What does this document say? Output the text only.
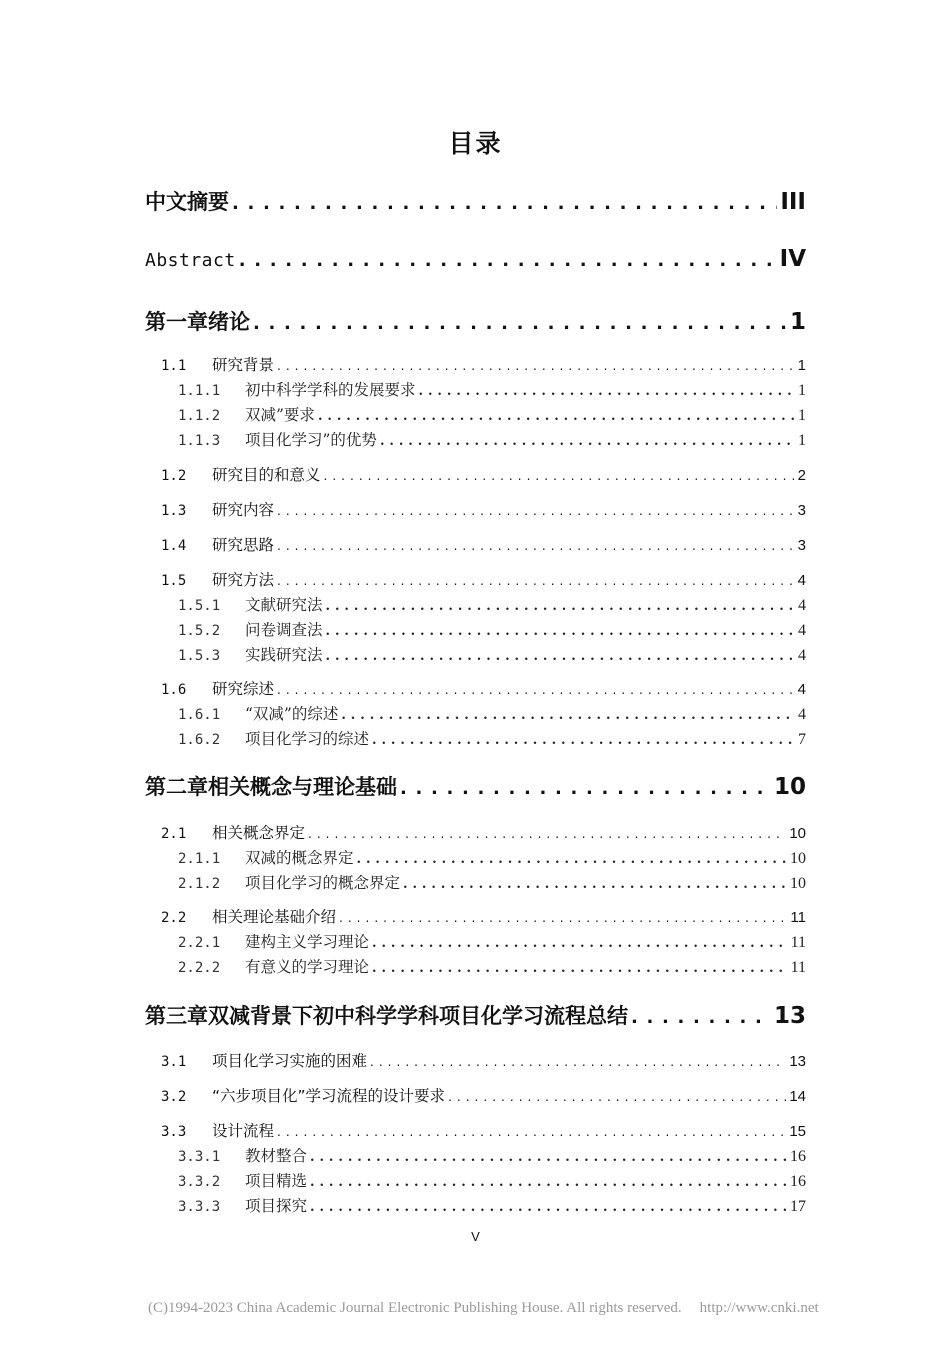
目录
中文摘要 . . .	III
Abstract . . .	IV
第一章绪论 . . .	1
1.1 研究背景 . . .	1
1.1.1 初中科学学科的发展要求 . . .	1
1.1.2 双减”要求 . . .	1
1.1.3 项目化学习”的优势 . . .	1
1.2 研究目的和意义 . . .	2
1.3 研究内容 . . .	3
1.4 研究思路 . . .	3
1.5 研究方法 . . .	4
1.5.1 文献研究法 . . .	4
1.5.2 问卷调查法 . . .	4
1.5.3 实践研究法 . . .	4
1.6 研究综述 . . .	4
1.6.1 “双减”的综述 . . .	4
1.6.2 项目化学习的综述 . . .	7
第二章相关概念与理论基础 . . .	10
2.1 相关概念界定 . . .	10
2.1.1 双减的概念界定 . . .	10
2.1.2 项目化学习的概念界定 . . .	10
2.2 相关理论基础介绍 . . .	11
2.2.1 建构主义学习理论 . . .	11
2.2.2 有意义的学习理论 . . .	11
第三章双减背景下初中科学学科项目化学习流程总结 . . .	13
3.1 项目化学习实施的困难 . . .	13
3.2 “六步项目化”学习流程的设计要求 . . .	14
3.3 设计流程 . . .	15
3.3.1 教材整合 . . .	16
3.3.2 项目精选 . . .	16
3.3.3 项目探究 . . .	17
V
(C)1994-2023 China Academic Journal Electronic Publishing House. All rights reserved. http://www.cnki.net
